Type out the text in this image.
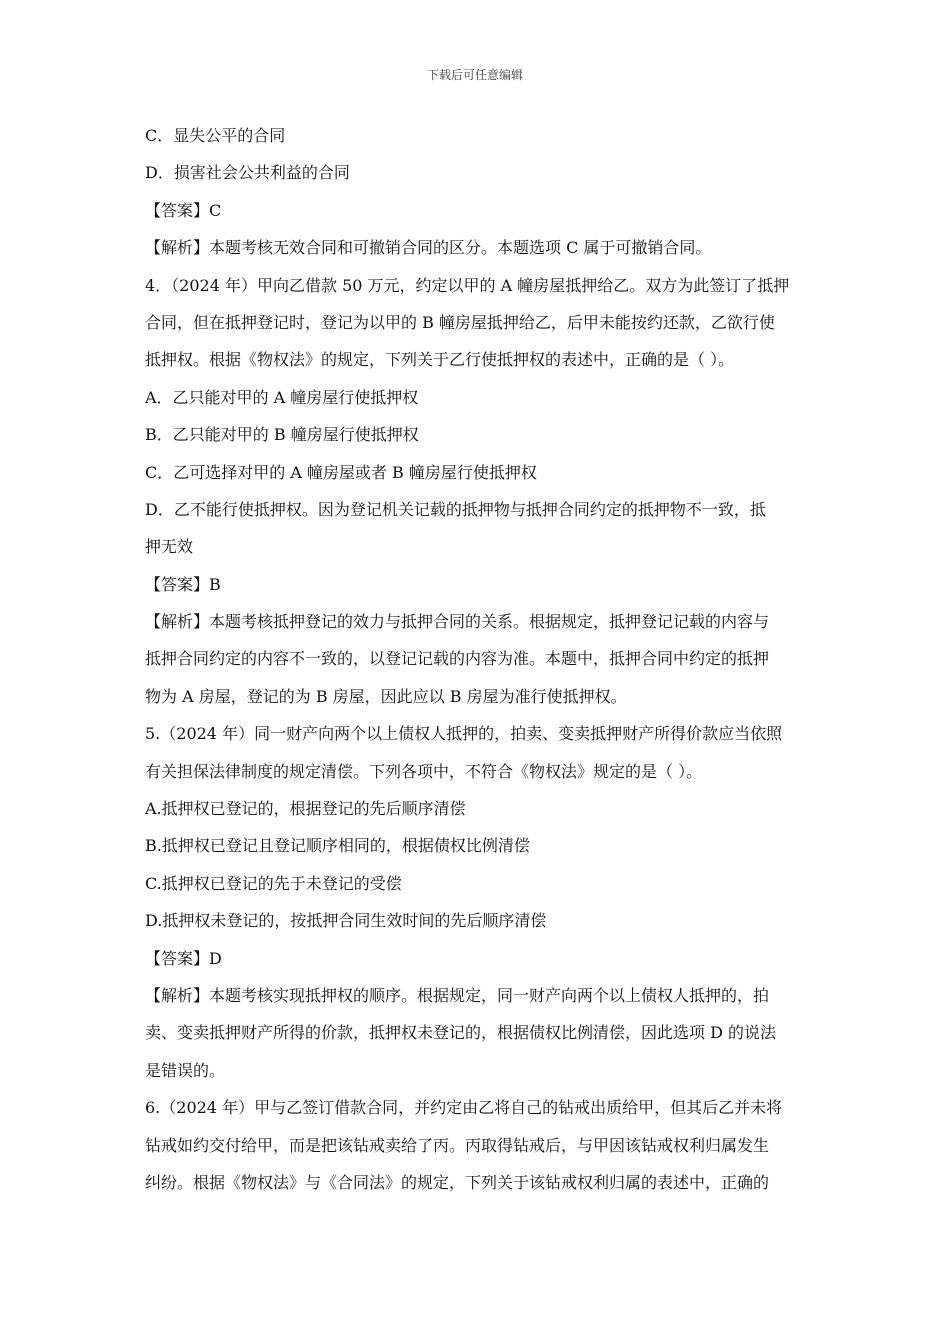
下载后可任意编辑
C．显失公平的合同
D．损害社会公共利益的合同
【答案】C
【解析】本题考核无效合同和可撤销合同的区分。本题选项 C 属于可撤销合同。
4．（2024 年）甲向乙借款 50 万元，约定以甲的 A 幢房屋抵押给乙。双方为此签订了抵押
合同，但在抵押登记时，登记为以甲的 B 幢房屋抵押给乙，后甲未能按约还款，乙欲行使
抵押权。根据《物权法》的规定，下列关于乙行使抵押权的表述中，正确的是（ ）。
A．乙只能对甲的 A 幢房屋行使抵押权
B．乙只能对甲的 B 幢房屋行使抵押权
C．乙可选择对甲的 A 幢房屋或者 B 幢房屋行使抵押权
D．乙不能行使抵押权。因为登记机关记载的抵押物与抵押合同约定的抵押物不一致，抵
押无效
【答案】B
【解析】本题考核抵押登记的效力与抵押合同的关系。根据规定，抵押登记记载的内容与
抵押合同约定的内容不一致的，以登记记载的内容为准。本题中，抵押合同中约定的抵押
物为 A 房屋，登记的为 B 房屋，因此应以 B 房屋为准行使抵押权。
5.（2024 年）同一财产向两个以上债权人抵押的，拍卖、变卖抵押财产所得价款应当依照
有关担保法律制度的规定清偿。下列各项中，不符合《物权法》规定的是（ ）。
A.抵押权已登记的，根据登记的先后顺序清偿
B.抵押权已登记且登记顺序相同的，根据债权比例清偿
C.抵押权已登记的先于未登记的受偿
D.抵押权未登记的，按抵押合同生效时间的先后顺序清偿
【答案】D
【解析】本题考核实现抵押权的顺序。根据规定，同一财产向两个以上债权人抵押的，拍
卖、变卖抵押财产所得的价款，抵押权未登记的，根据债权比例清偿，因此选项 D 的说法
是错误的。
6.（2024 年）甲与乙签订借款合同，并约定由乙将自己的钻戒出质给甲，但其后乙并未将
钻戒如约交付给甲，而是把该钻戒卖给了丙。丙取得钻戒后，与甲因该钻戒权利归属发生
纠纷。根据《物权法》与《合同法》的规定，下列关于该钻戒权利归属的表述中，正确的
